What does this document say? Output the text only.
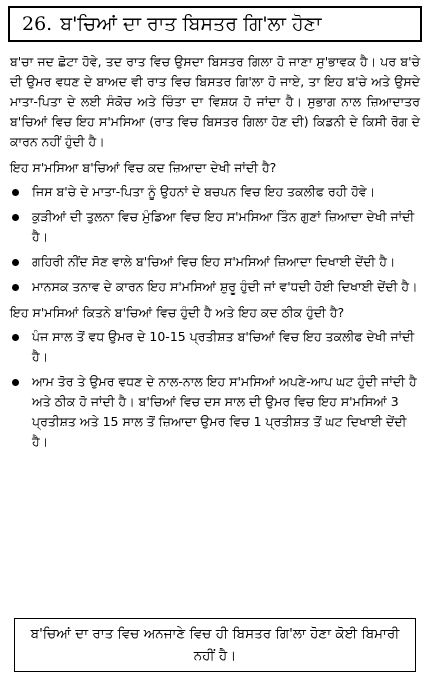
26. ਬ'ਚਿਆਂ ਦਾ ਰਾਤ ਬਿਸਤਰ ਗਿ'ਲਾ ਹੋਣਾ

ਬ'ਚਾ ਜਦ ਛੋਟਾ ਹੋਵੇ, ਤਦ ਰਾਤ ਵਿਚ ਉਸਦਾ ਬਿਸਤਰ ਗਿਲਾ ਹੋ ਜਾਣਾ ਸੁ'ਭਾਵਕ ਹੈ। ਪਰ ਬ'ਚੇ ਦੀ ਉਮਰ ਵਧਣ ਦੇ ਬਾਅਦ ਵੀ ਰਾਤ ਵਿਚ ਬਿਸਤਰ ਗਿ'ਲਾ ਹੋ ਜਾਏ, ਤਾ ਇਹ ਬ'ਚੇ ਅਤੇ ਉਸਦੇ ਮਾਤਾ-ਪਿਤਾ ਦੇ ਲਈ ਸੰਕੋਚ ਅਤੇ ਚਿੰਤਾ ਦਾ ਵਿਸ਼ਯ ਹੋ ਜਾਂਦਾ ਹੈ। ਸੁਭਾਗ ਨਾਲ ਜ਼ਿਆਦਾਤਰ ਬ'ਚਿਆਂ ਵਿਚ ਇਹ ਸ'ਮਸਿਆ (ਰਾਤ ਵਿਚ ਬਿਸਤਰ ਗਿਲਾ ਹੋਣ ਦੀ) ਕਿਡਨੀ ਦੇ ਕਿਸੀ ਰੋਗ ਦੇ ਕਾਰਨ ਨਹੀਂ ਹੁੰਦੀ ਹੈ।

ਇਹ ਸ'ਮਸਿਆ ਬ'ਚਿਆਂ ਵਿਚ ਕਦ ਜ਼ਿਆਦਾ ਦੇਖੀ ਜਾਂਦੀ ਹੈ?

ਜਿਸ ਬ'ਚੇ ਦੇ ਮਾਤਾ-ਪਿਤਾ ਨੂੰ ਉਹਨਾਂ ਦੇ ਬਚਪਨ ਵਿਚ ਇਹ ਤਕਲੀਫ ਰਹੀ ਹੋਵੇ।
ਕੁੜੀਆਂ ਦੀ ਤੁਲਨਾ ਵਿਚ ਮੁੰਡਿਆ ਵਿਚ ਇਹ ਸ'ਮਸਿਆ ਤਿੰਨ ਗੁਣਾਂ ਜ਼ਿਆਦਾ ਦੇਖੀ ਜਾਂਦੀ ਹੈ।
ਗਹਿਰੀ ਨੀਂਦ ਸੋਣ ਵਾਲੇ ਬ'ਚਿਆਂ ਵਿਚ ਇਹ ਸ'ਮਸਿਆਂ ਜ਼ਿਆਦਾ ਦਿਖਾਈ ਦੇਂਦੀ ਹੈ।
ਮਾਨਸਕ ਤਨਾਵ ਦੇ ਕਾਰਨ ਇਹ ਸ'ਮਸਿਆਂ ਸ਼ੁਰੂ ਹੁੰਦੀ ਜਾਂ ਵ'ਧਦੀ ਹੋਈ ਦਿਖਾਈ ਦੇਂਦੀ ਹੈ।

ਇਹ ਸ'ਮਸਿਆਂ ਕਿਤਨੇ ਬ'ਚਿਆਂ ਵਿਚ ਹੁੰਦੀ ਹੈ ਅਤੇ ਇਹ ਕਦ ਠੀਕ ਹੁੰਦੀ ਹੈ?

ਪੰਜ ਸਾਲ ਤੋਂ ਵਧ ਉਮਰ ਦੇ 10-15 ਪ੍ਰਤੀਸ਼ਤ ਬ'ਚਿਆਂ ਵਿਚ ਇਹ ਤਕਲੀਫ ਦੇਖੀ ਜਾਂਦੀ ਹੈ।
ਆਮ ਤੋਰ ਤੇ ਉਮਰ ਵਧਣ ਦੇ ਨਾਲ-ਨਾਲ ਇਹ ਸ'ਮਸਿਆਂ ਅਪਣੇ-ਆਪ ਘਟ ਹੁੰਦੀ ਜਾਂਦੀ ਹੈ ਅਤੇ ਠੀਕ ਹੋ ਜਾਂਦੀ ਹੈ। ਬ'ਚਿਆਂ ਵਿਚ ਦਸ ਸਾਲ ਦੀ ਉਮਰ ਵਿਚ ਇਹ ਸ'ਮਸਿਆਂ 3 ਪ੍ਰਤੀਸ਼ਤ ਅਤੇ 15 ਸਾਲ ਤੋਂ ਜ਼ਿਆਦਾ ਉਮਰ ਵਿਚ 1 ਪ੍ਰਤੀਸ਼ਤ ਤੋਂ ਘਟ ਦਿਖਾਈ ਦੇਂਦੀ ਹੈ।
ਬ'ਚਿਆਂ ਦਾ ਰਾਤ ਵਿਚ ਅਨਜਾਣੇ ਵਿਚ ਹੀ ਬਿਸਤਰ ਗਿ'ਲਾ ਹੋਣਾ ਕੋਈ ਬਿਮਾਰੀ ਨਹੀਂ ਹੈ।
